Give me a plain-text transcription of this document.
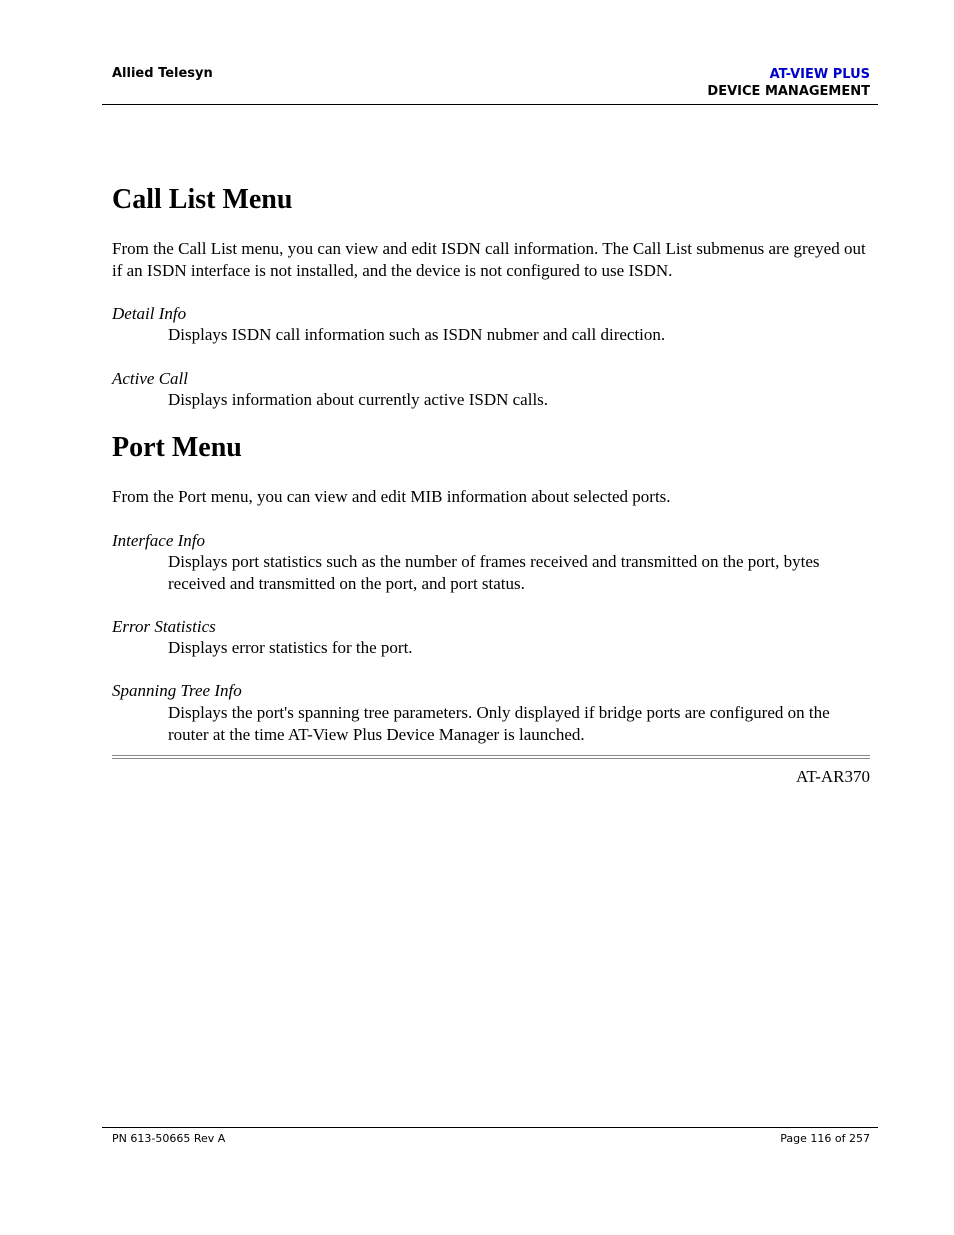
Allied Telesyn	AT-VIEW PLUS
DEVICE MANAGEMENT
Call List Menu

From the Call List menu, you can view and edit ISDN call information. The Call List submenus are greyed out if an ISDN interface is not installed, and the device is not configured to use ISDN.

Detail Info

Displays ISDN call information such as ISDN nubmer and call direction.

Active Call

Displays information about currently active ISDN calls.

Port Menu

From the Port menu, you can view and edit MIB information about selected ports.

Interface Info

Displays port statistics such as the number of frames received and transmitted on the port, bytes received and transmitted on the port, and port status.

Error Statistics

Displays error statistics for the port.

Spanning Tree Info

Displays the port's spanning tree parameters. Only displayed if bridge ports are configured on the router at the time AT-View Plus Device Manager is launched.

AT-AR370
PN 613-50665 Rev A	Page 116 of 257
